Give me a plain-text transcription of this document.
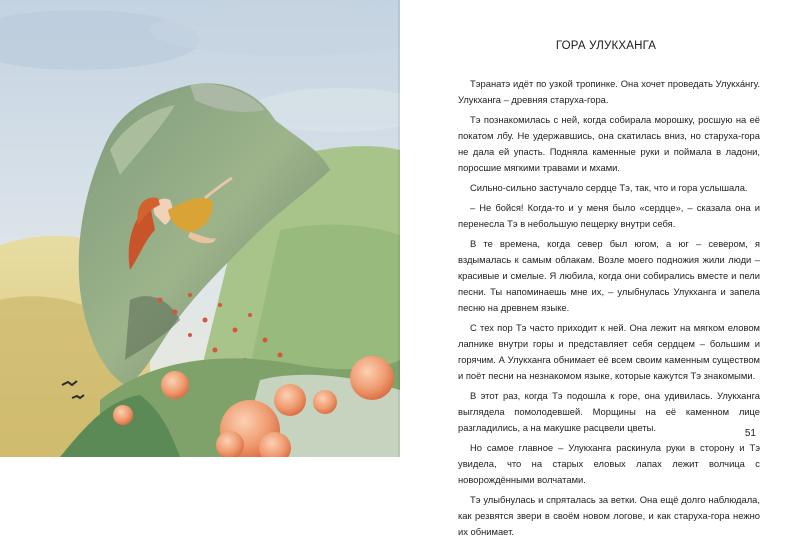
ГОРА УЛУКХАНГА

Тэранатэ идёт по узкой тропинке. Она хочет проведать Улукха́нгу. Улукханга – древняя старуха-гора.

Тэ познакомилась с ней, когда собирала морошку, росшую на её покатом лбу. Не удержавшись, она скатилась вниз, но старуха-гора не дала ей упасть. Подняла каменные руки и поймала в ладони, поросшие мягкими травами и мхами.

Сильно-сильно застучало сердце Тэ, так, что и гора услышала.

– Не бойся! Когда-то и у меня было «сердце», – сказала она и перенесла Тэ в небольшую пещерку внутри себя.

В те времена, когда север был югом, а юг – севером, я вздымалась к самым облакам. Возле моего подножия жили люди – красивые и смелые. Я любила, когда они собирались вместе и пели песни. Ты напоминаешь мне их, – улыбнулась Улукханга и запела песню на древнем языке.

С тех пор Тэ часто приходит к ней. Она лежит на мягком еловом лапнике внутри горы и представляет себя сердцем – большим и горячим. А Улукханга обнимает её всем своим каменным существом и поёт песни на незнакомом языке, которые кажутся Тэ знакомыми.

В этот раз, когда Тэ подошла к горе, она удивилась. Улукханга выглядела помолодевшей. Морщины на её каменном лице разгладились, а на макушке расцвели цветы.

Но самое главное – Улукханга раскинула руки в сторону и Тэ увидела, что на старых еловых лапах лежит волчица с новорождёнными волчатами.

Тэ улыбнулась и спряталась за ветки. Она ещё долго наблюдала, как резвятся звери в своём новом логове, и как старуха-гора нежно их обнимает.

51
